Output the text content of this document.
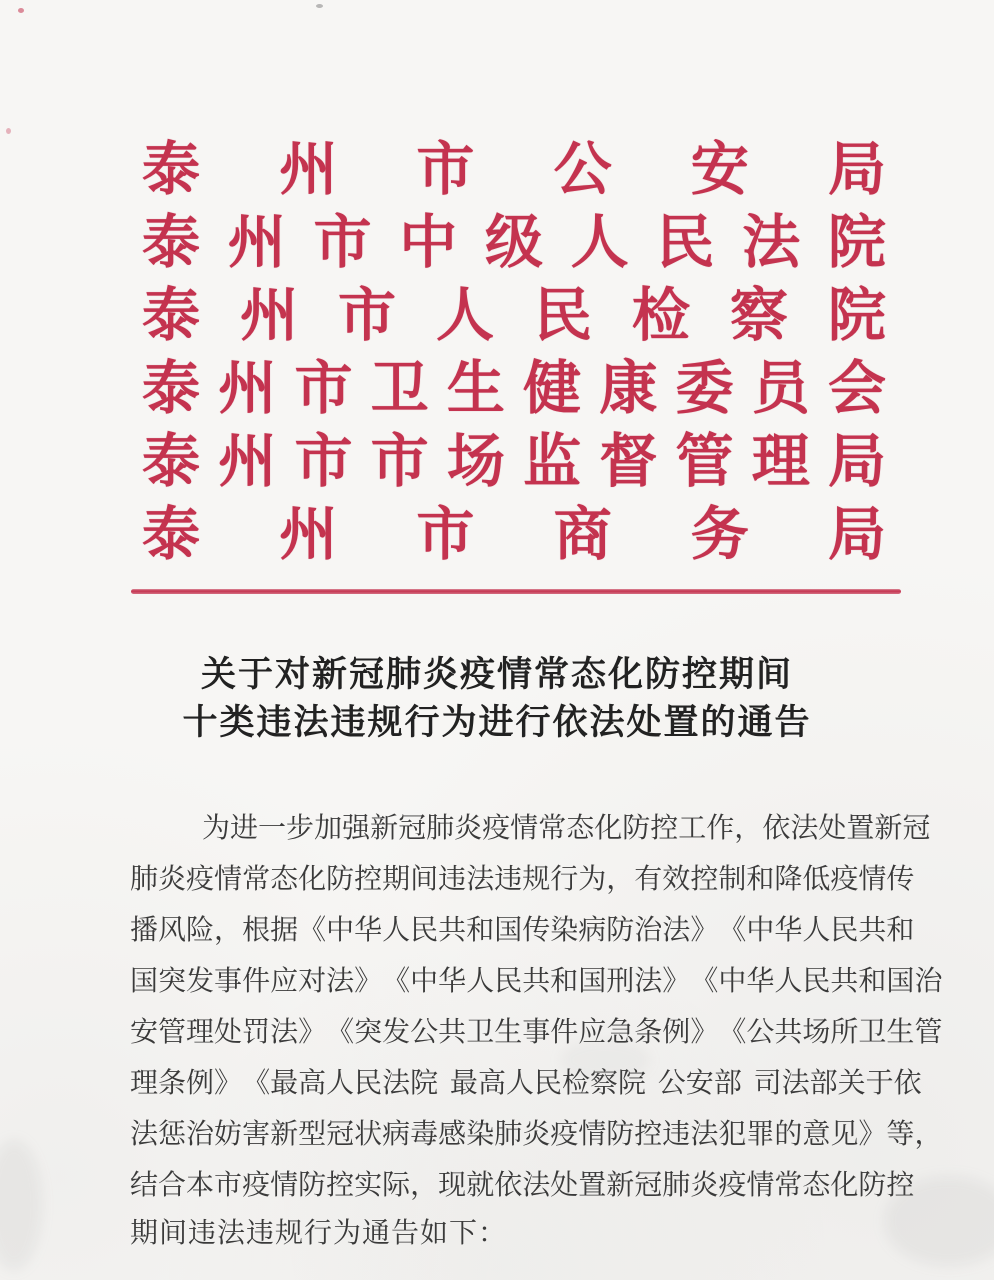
泰 州 市 公 安 局
泰 州 市 中 级 人 民 法 院
泰 州 市 人 民 检 察 院
泰 州 市 卫 生 健 康 委 员 会
泰 州 市 市 场 监 督 管 理 局
泰 州 市 商 务 局
关于对新冠肺炎疫情常态化防控期间
十类违法违规行为进行依法处置的通告
为 进 一 步 加 强 新 冠 肺 炎 疫 情 常 态 化 防 控 工 作 ， 依 法 处 置 新 冠
肺 炎 疫 情 常 态 化 防 控 期 间 违 法 违 规 行 为 ， 有 效 控 制 和 降 低 疫 情 传
播 风 险 ， 根 据 《 中 华 人 民 共 和 国 传 染 病 防 治 法 》 《 中 华 人 民 共 和
国 突 发 事 件 应 对 法 》 《 中 华 人 民 共 和 国 刑 法 》 《 中 华 人 民 共 和 国 治
安 管 理 处 罚 法 》 《 突 发 公 共 卫 生 事 件 应 急 条 例 》 《 公 共 场 所 卫 生 管
理 条 例 》 《 最 高 人 民 法 院 最 高 人 民 检 察 院 公 安 部 司 法 部 关 于 依
法 惩 治 妨 害 新 型 冠 状 病 毒 感 染 肺 炎 疫 情 防 控 违 法 犯 罪 的 意 见 》 等 ，
结 合 本 市 疫 情 防 控 实 际 ， 现 就 依 法 处 置 新 冠 肺 炎 疫 情 常 态 化 防 控
期间违法违规行为通告如下：
